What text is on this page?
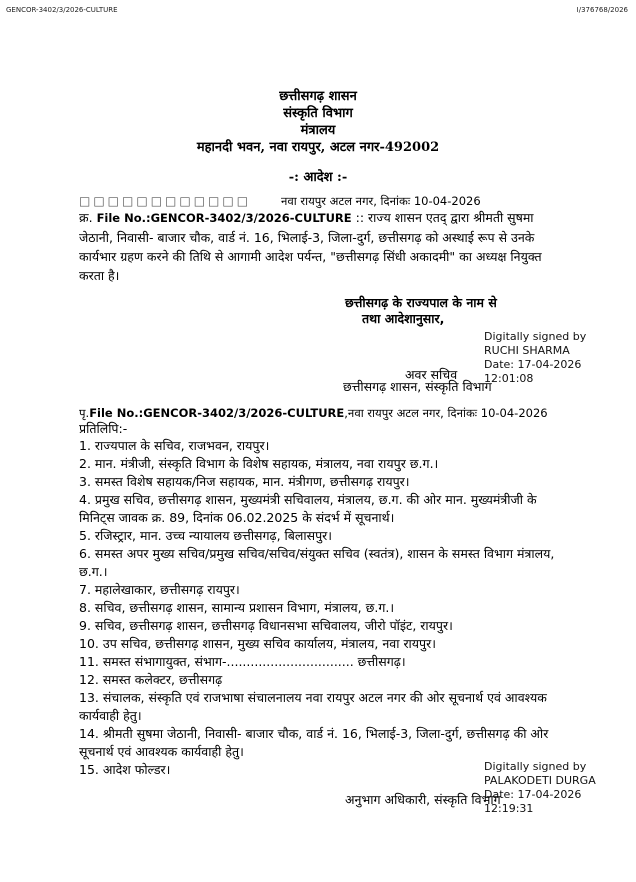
GENCOR-3402/3/2026-CULTURE	I/376768/2026
छत्तीसगढ़ शासन
संस्कृति विभाग
मंत्रालय
महानदी भवन, नवा रायपुर, अटल नगर-492002
-: आदेश :-
□□□□□□□□□□□□	नवा रायपुर अटल नगर, दिनांकः 10-04-2026
क्र. File No.:GENCOR-3402/3/2026-CULTURE :: राज्य शासन एतद् द्वारा श्रीमती सुषमा जेठानी, निवासी- बाजार चौक, वार्ड नं. 16, भिलाई-3, जिला-दुर्ग, छत्तीसगढ़ को अस्थाई रूप से उनके कार्यभार ग्रहण करने की तिथि से आगामी आदेश पर्यन्त, "छत्तीसगढ़ सिंधी अकादमी" का अध्यक्ष नियुक्त करता है।
छत्तीसगढ़ के राज्यपाल के नाम से
तथा आदेशानुसार,
Digitally signed by
RUCHI SHARMA
Date: 17-04-2026
12:01:08
अवर सचिव
छत्तीसगढ़ शासन, संस्कृति विभाग
पृ.File No.:GENCOR-3402/3/2026-CULTURE,नवा रायपुर अटल नगर, दिनांकः 10-04-2026
प्रतिलिपि:-
1. राज्यपाल के सचिव, राजभवन, रायपुर।
2. मान. मंत्रीजी, संस्कृति विभाग के विशेष सहायक, मंत्रालय, नवा रायपुर छ.ग.।
3. समस्त विशेष सहायक/निज सहायक, मान. मंत्रीगण, छत्तीसगढ़ रायपुर।
4. प्रमुख सचिव, छत्तीसगढ़ शासन, मुख्यमंत्री सचिवालय, मंत्रालय, छ.ग. की ओर मान. मुख्यमंत्रीजी के मिनिट्स जावक क्र. 89, दिनांक 06.02.2025 के संदर्भ में सूचनार्थ।
5. रजिस्ट्रार, मान. उच्च न्यायालय छत्तीसगढ़, बिलासपुर।
6. समस्त अपर मुख्य सचिव/प्रमुख सचिव/सचिव/संयुक्त सचिव (स्वतंत्र), शासन के समस्त विभाग मंत्रालय, छ.ग.।
7. महालेखाकार, छत्तीसगढ़ रायपुर।
8. सचिव, छत्तीसगढ़ शासन, सामान्य प्रशासन विभाग, मंत्रालय, छ.ग.।
9. सचिव, छत्तीसगढ़ शासन, छत्तीसगढ़ विधानसभा सचिवालय, जीरो पॉइंट, रायपुर।
10. उप सचिव, छत्तीसगढ़ शासन, मुख्य सचिव कार्यालय, मंत्रालय, नवा रायपुर।
11. समस्त संभागायुक्त, संभाग-................................ छत्तीसगढ़।
12. समस्त कलेक्टर, छत्तीसगढ़
13. संचालक, संस्कृति एवं राजभाषा संचालनालय नवा रायपुर अटल नगर की ओर सूचनार्थ एवं आवश्यक कार्यवाही हेतु।
14. श्रीमती सुषमा जेठानी, निवासी- बाजार चौक, वार्ड नं. 16, भिलाई-3, जिला-दुर्ग, छत्तीसगढ़ की ओर सूचनार्थ एवं आवश्यक कार्यवाही हेतु।
15. आदेश फोल्डर।	Digitally signed by
PALAKODETI DURGA
Date: 17-04-2026
12:19:31
अनुभाग अधिकारी, संस्कृति विभाग
